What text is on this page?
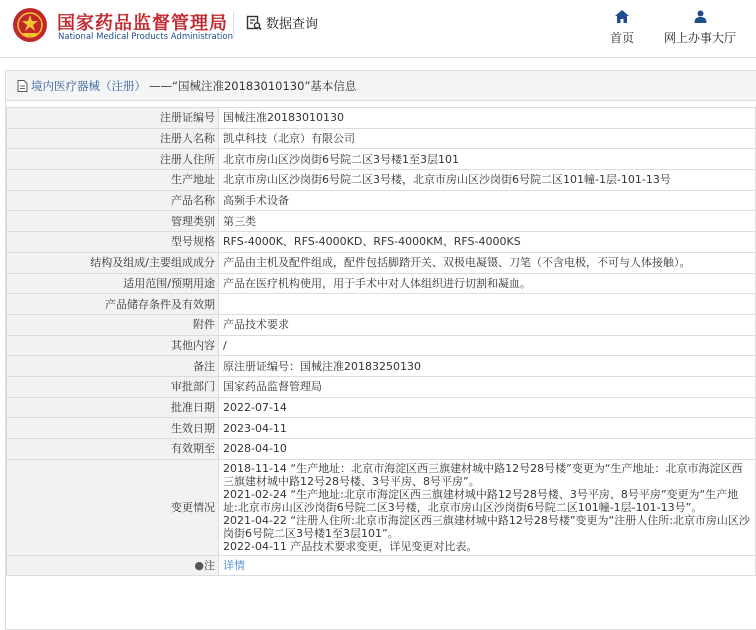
国家药品监督管理局
National Medical Products Administration
数据查询
首页	网上办事大厅
境内医疗器械（注册） ——“国械注准20183010130”基本信息
注册证编号	国械注准20183010130
注册人名称	凯卓科技（北京）有限公司
注册人住所	北京市房山区沙岗街6号院二区3号楼1至3层101
生产地址	北京市房山区沙岗街6号院二区3号楼，北京市房山区沙岗街6号院二区101幢-1层-101-13号
产品名称	高频手术设备
管理类别	第三类
型号规格	RFS-4000K、RFS-4000KD、RFS-4000KM、RFS-4000KS
结构及组成/主要组成成分	产品由主机及配件组成，配件包括脚踏开关、双极电凝镊、刀笔（不含电极，不可与人体接触）。
适用范围/预期用途	产品在医疗机构使用，用于手术中对人体组织进行切割和凝血。
产品储存条件及有效期	
附件	产品技术要求
其他内容	/
备注	原注册证编号：国械注准20183250130
审批部门	国家药品监督管理局
批准日期	2022-07-14
生效日期	2023-04-11
有效期至	2028-04-10
变更情况	2018-11-14 “生产地址：北京市海淀区西三旗建材城中路12号28号楼”变更为“生产地址：北京市海淀区西三旗建材城中路12号28号楼、3号平房、8号平房”。

2021-02-24 “生产地址:北京市海淀区西三旗建材城中路12号28号楼、3号平房、8号平房”变更为“生产地址:北京市房山区沙岗街6号院二区3号楼，北京市房山区沙岗街6号院二区101幢-1层-101-13号”。

2021-04-22 “注册人住所:北京市海淀区西三旗建材城中路12号28号楼”变更为“注册人住所:北京市房山区沙岗街6号院二区3号楼1至3层101”。

2022-04-11 产品技术要求变更，详见变更对比表。

●注	详情
